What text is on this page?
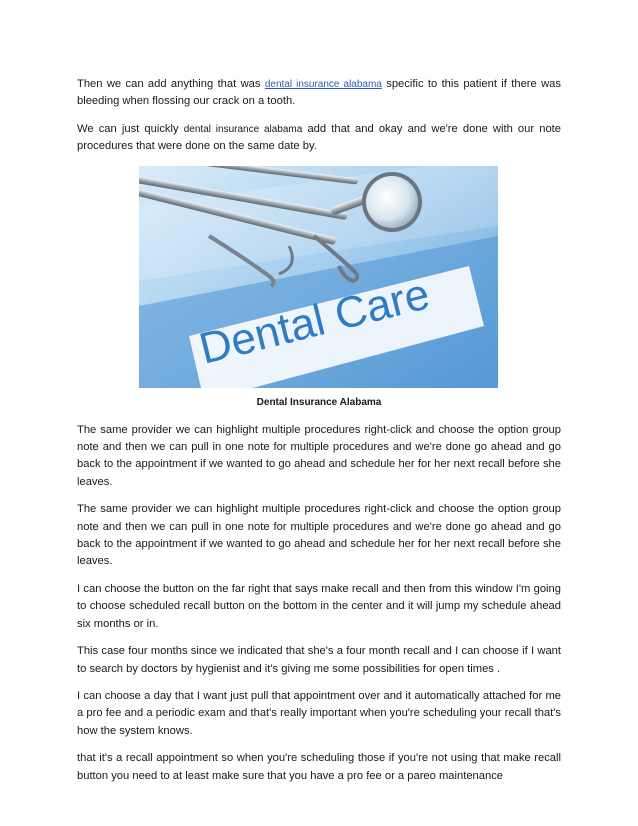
Then we can add anything that was dental insurance alabama specific to this patient if there was bleeding when flossing our crack on a tooth.

We can just quickly dental insurance alabama add that and okay and we're done with our note procedures that were done on the same date by.

Dental Care
Dental Insurance Alabama

The same provider we can highlight multiple procedures right-click and choose the option group note and then we can pull in one note for multiple procedures and we're done go ahead and go back to the appointment if we wanted to go ahead and schedule her for her next recall before she leaves.

The same provider we can highlight multiple procedures right-click and choose the option group note and then we can pull in one note for multiple procedures and we're done go ahead and go back to the appointment if we wanted to go ahead and schedule her for her next recall before she leaves.

I can choose the button on the far right that says make recall and then from this window I'm going to choose scheduled recall button on the bottom in the center and it will jump my schedule ahead six months or in.

This case four months since we indicated that she's a four month recall and I can choose if I want to search by doctors by hygienist and it's giving me some possibilities for open times .

I can choose a day that I want just pull that appointment over and it automatically attached for me a pro fee and a periodic exam and that's really important when you're scheduling your recall that's how the system knows.

that it's a recall appointment so when you're scheduling those if you're not using that make recall button you need to at least make sure that you have a pro fee or a pareo maintenance
